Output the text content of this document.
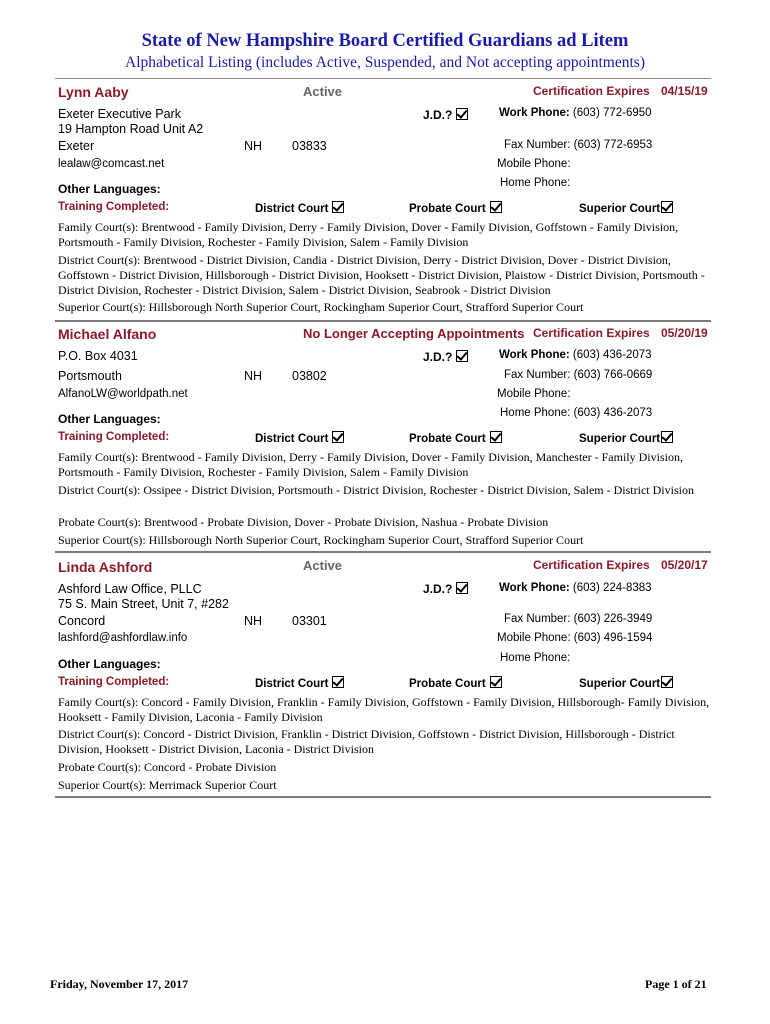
State of New Hampshire Board Certified Guardians ad Litem
Alphabetical Listing (includes Active, Suspended, and Not accepting appointments)
Lynn Aaby	Active	Certification Expires 04/15/19
Exeter Executive Park
19 Hampton Road Unit A2
Exeter	NH 03833
lealaw@comcast.net
Other Languages:
J.D.?	Work Phone: (603) 772-6950
Fax Number: (603) 772-6953
Mobile Phone:
Home Phone:
Training Completed:	District Court	Probate Court	Superior Court
Family Court(s): Brentwood - Family Division, Derry - Family Division, Dover - Family Division, Goffstown - Family Division, Portsmouth - Family Division, Rochester - Family Division, Salem - Family Division
District Court(s): Brentwood - District Division, Candia - District Division, Derry - District Division, Dover - District Division, Goffstown - District Division, Hillsborough - District Division, Hooksett - District Division, Plaistow - District Division, Portsmouth - District Division, Rochester - District Division, Salem - District Division, Seabrook - District Division
Superior Court(s): Hillsborough North Superior Court, Rockingham Superior Court, Strafford Superior Court
Michael Alfano	No Longer Accepting Appointments Certification Expires 05/20/19
P.O. Box 4031
Portsmouth	NH 03802
AlfanoLW@worldpath.net
Other Languages:
J.D.?	Work Phone: (603) 436-2073
Fax Number: (603) 766-0669
Mobile Phone:
Home Phone: (603) 436-2073
Training Completed:	District Court	Probate Court	Superior Court
Family Court(s): Brentwood - Family Division, Derry - Family Division, Dover - Family Division, Manchester - Family Division, Portsmouth - Family Division, Rochester - Family Division, Salem - Family Division
District Court(s): Ossipee - District Division, Portsmouth - District Division, Rochester - District Division, Salem - District Division
Probate Court(s): Brentwood - Probate Division, Dover - Probate Division, Nashua - Probate Division
Superior Court(s): Hillsborough North Superior Court, Rockingham Superior Court, Strafford Superior Court
Linda Ashford	Active	Certification Expires 05/20/17
Ashford Law Office, PLLC
75 S. Main Street, Unit 7, #282
Concord	NH 03301
lashford@ashfordlaw.info
Other Languages:
J.D.?	Work Phone: (603) 224-8383
Fax Number: (603) 226-3949
Mobile Phone: (603) 496-1594
Home Phone:
Training Completed:	District Court	Probate Court	Superior Court
Family Court(s): Concord - Family Division, Franklin - Family Division, Goffstown - Family Division, Hillsborough- Family Division, Hooksett - Family Division, Laconia - Family Division
District Court(s): Concord - District Division, Franklin - District Division, Goffstown - District Division, Hillsborough - District Division, Hooksett - District Division, Laconia - District Division
Probate Court(s): Concord - Probate Division
Superior Court(s): Merrimack Superior Court
Friday, November 17, 2017	Page 1 of 21
